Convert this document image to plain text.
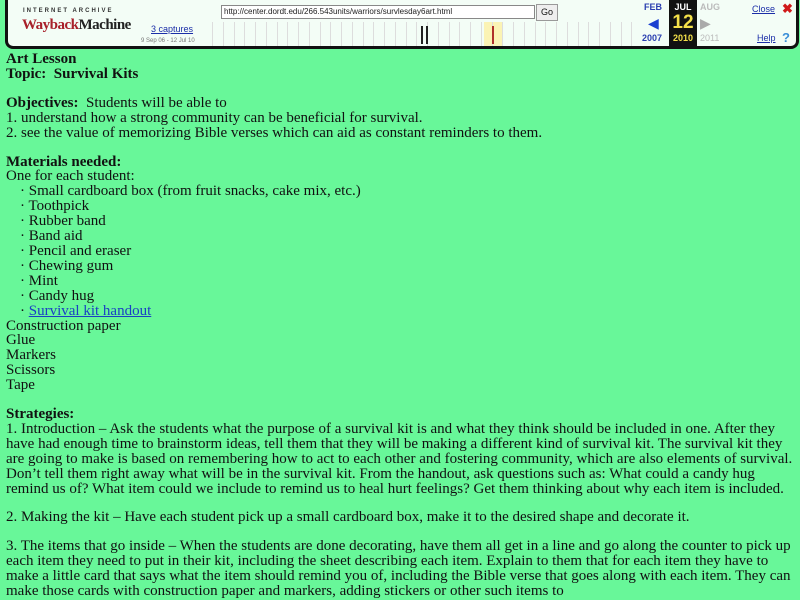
INTERNET ARCHIVE
WaybackMachine 3 captures
9 Sep 06 - 12 Jul 10
http://center.dordt.edu/266.543units/warriors/survlesday6art.html	Go	FEB
◀
2007
JUL
12
2010
AUG
▶
2011
Close ✖
Help ?

Art Lesson

Topic: Survival Kits

Objectives: Students will be able to

1. understand how a strong community can be beneficial for survival.

2. see the value of memorizing Bible verses which can aid as constant reminders to them.

Materials needed:

One for each student:

· Small cardboard box (from fruit snacks, cake mix, etc.)

· Toothpick

· Rubber band

· Band aid

· Pencil and eraser

· Chewing gum

· Mint

· Candy hug

· Survival kit handout

Construction paper

Glue

Markers

Scissors

Tape

Strategies:

1. Introduction – Ask the students what the purpose of a survival kit is and what they think should be included in one. After they have had enough time to brainstorm ideas, tell them that they will be making a different kind of survival kit. The survival kit they are going to make is based on remembering how to act to each other and fostering community, which are also elements of survival. Don’t tell them right away what will be in the survival kit. From the handout, ask questions such as: What could a candy hug remind us of? What item could we include to remind us to heal hurt feelings? Get them thinking about why each item is included.

2. Making the kit – Have each student pick up a small cardboard box, make it to the desired shape and decorate it.

3. The items that go inside – When the students are done decorating, have them all get in a line and go along the counter to pick up each item they need to put in their kit, including the sheet describing each item. Explain to them that for each item they have to make a little card that says what the item should remind you of, including the Bible verse that goes along with each item. They can make those cards with construction paper and markers, adding stickers or other such items to
